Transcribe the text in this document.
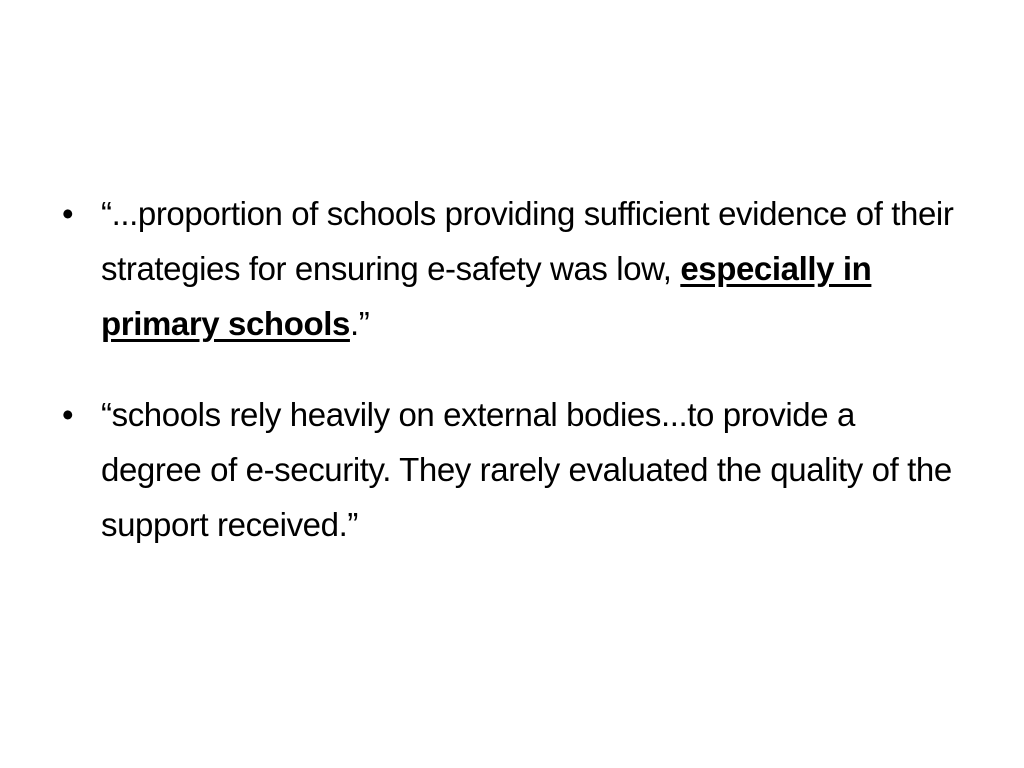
• “...proportion of schools providing sufficient evidence of their strategies for ensuring e-safety was low, especially in primary schools.”
• “schools rely heavily on external bodies...to provide a degree of e-security. They rarely evaluated the quality of the support received.”
